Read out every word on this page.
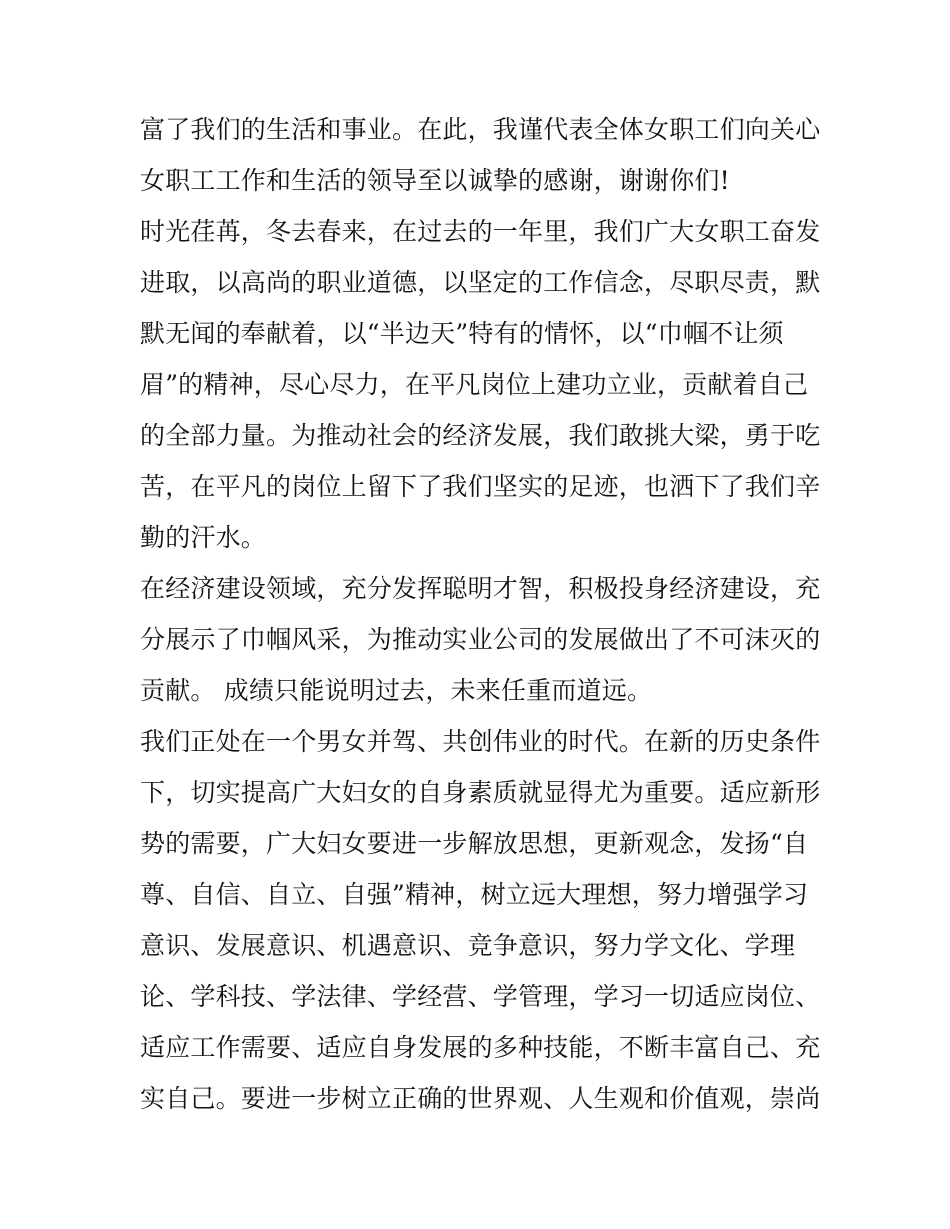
富了我们的生活和事业。在此，我谨代表全体女职工们向关心
女职工工作和生活的领导至以诚挚的感谢，谢谢你们!
时光荏苒，冬去春来，在过去的一年里，我们广大女职工奋发
进取，以高尚的职业道德，以坚定的工作信念，尽职尽责，默
默无闻的奉献着，以“半边天”特有的情怀，以“巾帼不让须
眉”的精神，尽心尽力，在平凡岗位上建功立业，贡献着自己
的全部力量。为推动社会的经济发展，我们敢挑大梁，勇于吃
苦，在平凡的岗位上留下了我们坚实的足迹，也洒下了我们辛
勤的汗水。
在经济建设领域，充分发挥聪明才智，积极投身经济建设，充
分展示了巾帼风采，为推动实业公司的发展做出了不可沫灭的
贡献。 成绩只能说明过去，未来任重而道远。
我们正处在一个男女并驾、共创伟业的时代。在新的历史条件
下，切实提高广大妇女的自身素质就显得尤为重要。适应新形
势的需要，广大妇女要进一步解放思想，更新观念，发扬“自
尊、自信、自立、自强”精神，树立远大理想，努力增强学习
意识、发展意识、机遇意识、竞争意识，努力学文化、学理
论、学科技、学法律、学经营、学管理，学习一切适应岗位、
适应工作需要、适应自身发展的多种技能，不断丰富自己、充
实自己。要进一步树立正确的世界观、人生观和价值观，崇尚
